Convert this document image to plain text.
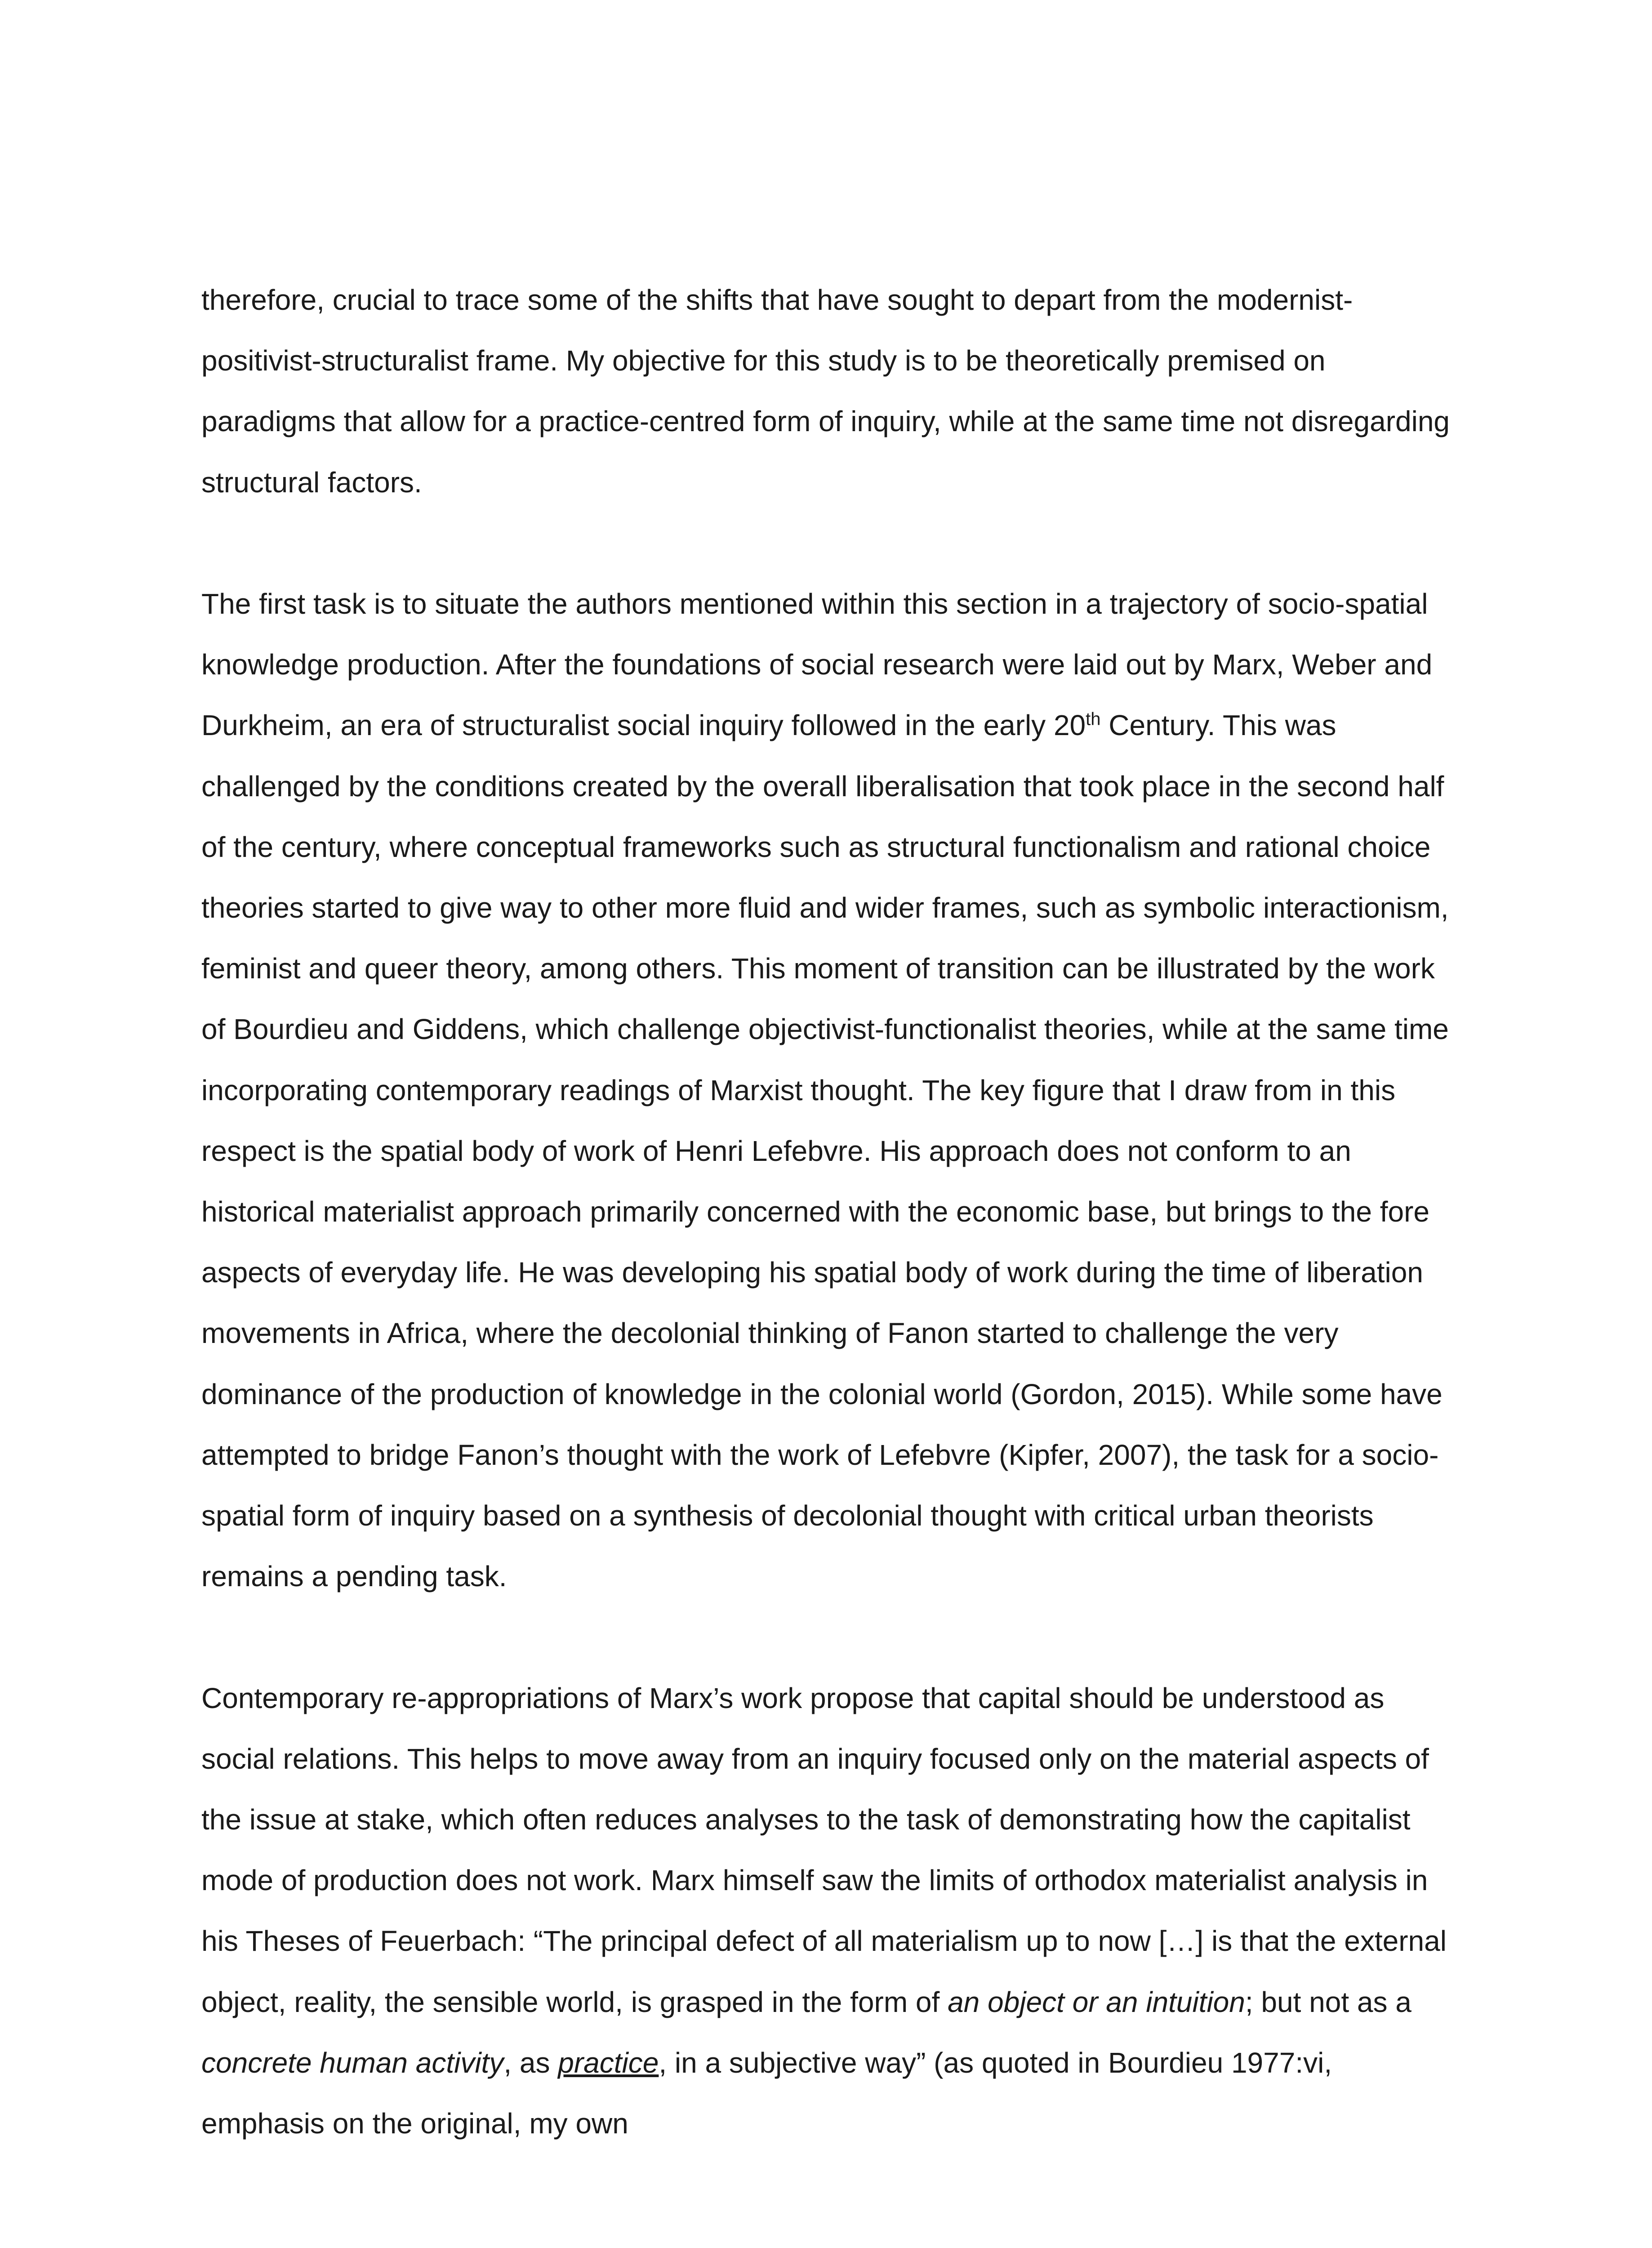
therefore, crucial to trace some of the shifts that have sought to depart from the modernist-positivist-structuralist frame. My objective for this study is to be theoretically premised on paradigms that allow for a practice-centred form of inquiry, while at the same time not disregarding structural factors.

The first task is to situate the authors mentioned within this section in a trajectory of socio-spatial knowledge production. After the foundations of social research were laid out by Marx, Weber and Durkheim, an era of structuralist social inquiry followed in the early 20th Century. This was challenged by the conditions created by the overall liberalisation that took place in the second half of the century, where conceptual frameworks such as structural functionalism and rational choice theories started to give way to other more fluid and wider frames, such as symbolic interactionism, feminist and queer theory, among others. This moment of transition can be illustrated by the work of Bourdieu and Giddens, which challenge objectivist-functionalist theories, while at the same time incorporating contemporary readings of Marxist thought. The key figure that I draw from in this respect is the spatial body of work of Henri Lefebvre. His approach does not conform to an historical materialist approach primarily concerned with the economic base, but brings to the fore aspects of everyday life. He was developing his spatial body of work during the time of liberation movements in Africa, where the decolonial thinking of Fanon started to challenge the very dominance of the production of knowledge in the colonial world (Gordon, 2015). While some have attempted to bridge Fanon’s thought with the work of Lefebvre (Kipfer, 2007), the task for a socio-spatial form of inquiry based on a synthesis of decolonial thought with critical urban theorists remains a pending task.

Contemporary re-appropriations of Marx’s work propose that capital should be understood as social relations. This helps to move away from an inquiry focused only on the material aspects of the issue at stake, which often reduces analyses to the task of demonstrating how the capitalist mode of production does not work. Marx himself saw the limits of orthodox materialist analysis in his Theses of Feuerbach: “The principal defect of all materialism up to now […] is that the external object, reality, the sensible world, is grasped in the form of an object or an intuition; but not as a concrete human activity, as practice, in a subjective way” (as quoted in Bourdieu 1977:vi, emphasis on the original, my own
